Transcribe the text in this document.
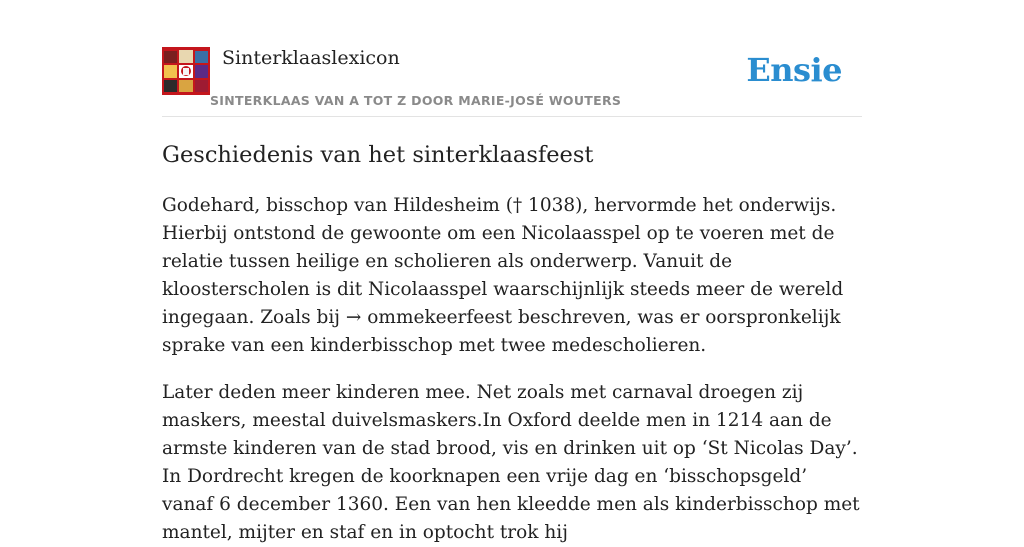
Sinterklaaslexicon
SINTERKLAAS VAN A TOT Z DOOR MARIE-JOSÉ WOUTERS
Ensie
Geschiedenis van het sinterklaasfeest

Godehard, bisschop van Hildesheim († 1038), hervormde het onderwijs. Hierbij ontstond de gewoonte om een Nicolaasspel op te voeren met de relatie tussen heilige en scholieren als onderwerp. Vanuit de kloosterscholen is dit Nicolaasspel waarschijnlijk steeds meer de wereld ingegaan. Zoals bij → ommekeerfeest beschreven, was er oorspronkelijk sprake van een kinderbisschop met twee medescholieren.

Later deden meer kinderen mee. Net zoals met carnaval droegen zij maskers, meestal duivelsmaskers.In Oxford deelde men in 1214 aan de armste kinderen van de stad brood, vis en drinken uit op ‘St Nicolas Day’. In Dordrecht kregen de koorknapen een vrije dag en ‘bisschopsgeld’ vanaf 6 december 1360. Een van hen kleedde men als kinderbisschop met mantel, mijter en staf en in optocht trok hij
